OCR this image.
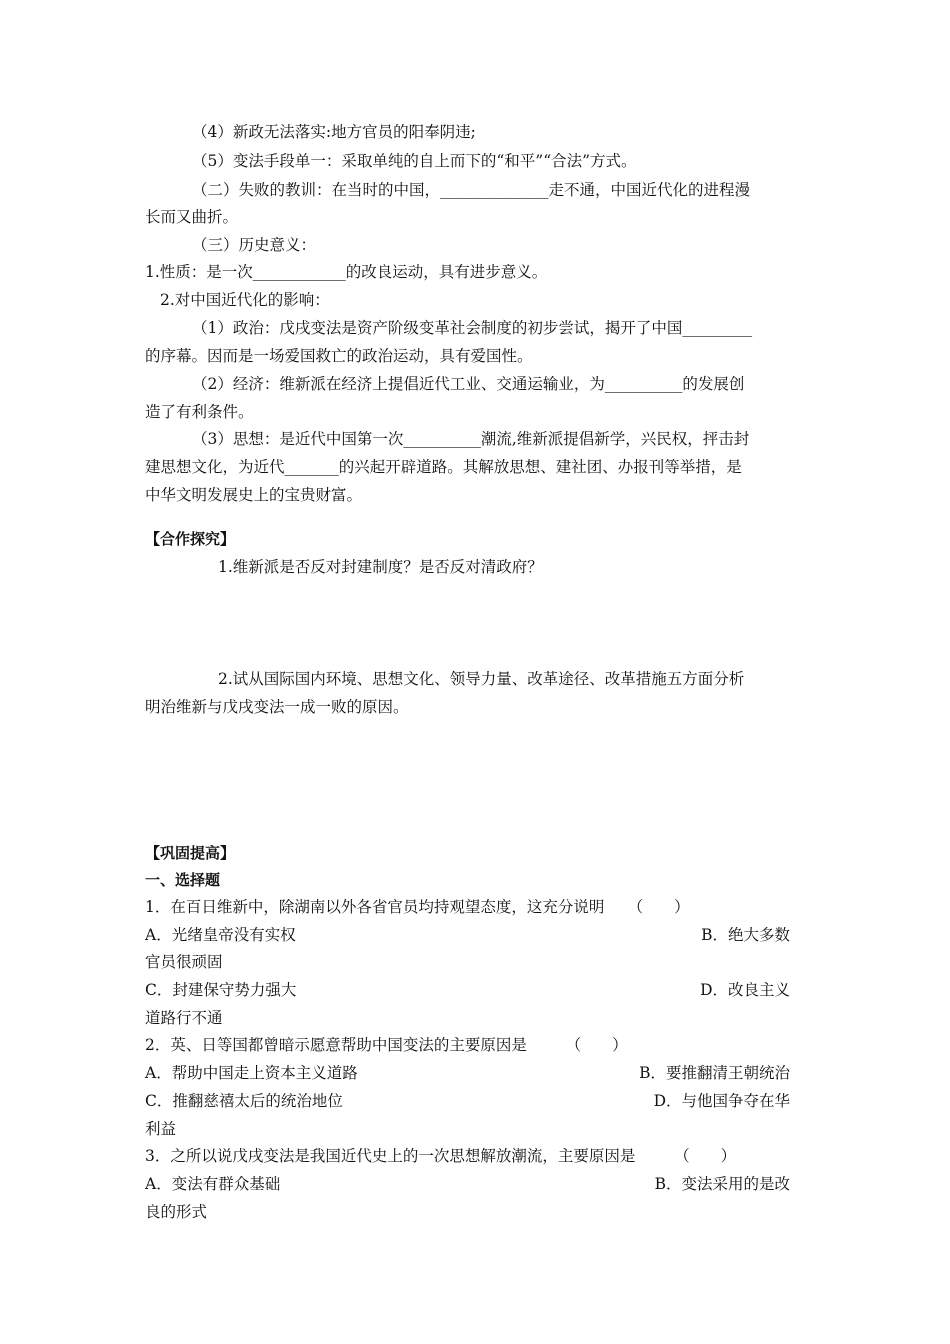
（4）新政无法落实:地方官员的阳奉阴违;
（5）变法手段单一：采取单纯的自上而下的“和平”“合法”方式。
（二）失败的教训：在当时的中国，______________走不通，中国近代化的进程漫
长而又曲折。
（三）历史意义：
1.性质：是一次____________的改良运动，具有进步意义。
2.对中国近代化的影响：
（1）政治：戊戌变法是资产阶级变革社会制度的初步尝试，揭开了中国_________
的序幕。因而是一场爱国救亡的政治运动，具有爱国性。
（2）经济：维新派在经济上提倡近代工业、交通运输业，为__________的发展创
造了有利条件。
（3）思想：是近代中国第一次__________潮流,维新派提倡新学，兴民权，抨击封
建思想文化，为近代_______的兴起开辟道路。其解放思想、建社团、办报刊等举措，是
中华文明发展史上的宝贵财富。
【合作探究】
1.维新派是否反对封建制度？是否反对清政府？
2.试从国际国内环境、思想文化、领导力量、改革途径、改革措施五方面分析
明治维新与戊戌变法一成一败的原因。
【巩固提高】
一、选择题
1．在百日维新中，除湖南以外各省官员均持观望态度，这充分说明　　（　　）
A．光绪皇帝没有实权	B．绝大多数
官员很顽固
C．封建保守势力强大	D．改良主义
道路行不通
2．英、日等国都曾暗示愿意帮助中国变法的主要原因是　　　（　　）
A．帮助中国走上资本主义道路	B．要推翻清王朝统治
C．推翻慈禧太后的统治地位	D．与他国争夺在华
利益
3．之所以说戊戌变法是我国近代史上的一次思想解放潮流，主要原因是　　　（　　）
A．变法有群众基础	B．变法采用的是改
良的形式
